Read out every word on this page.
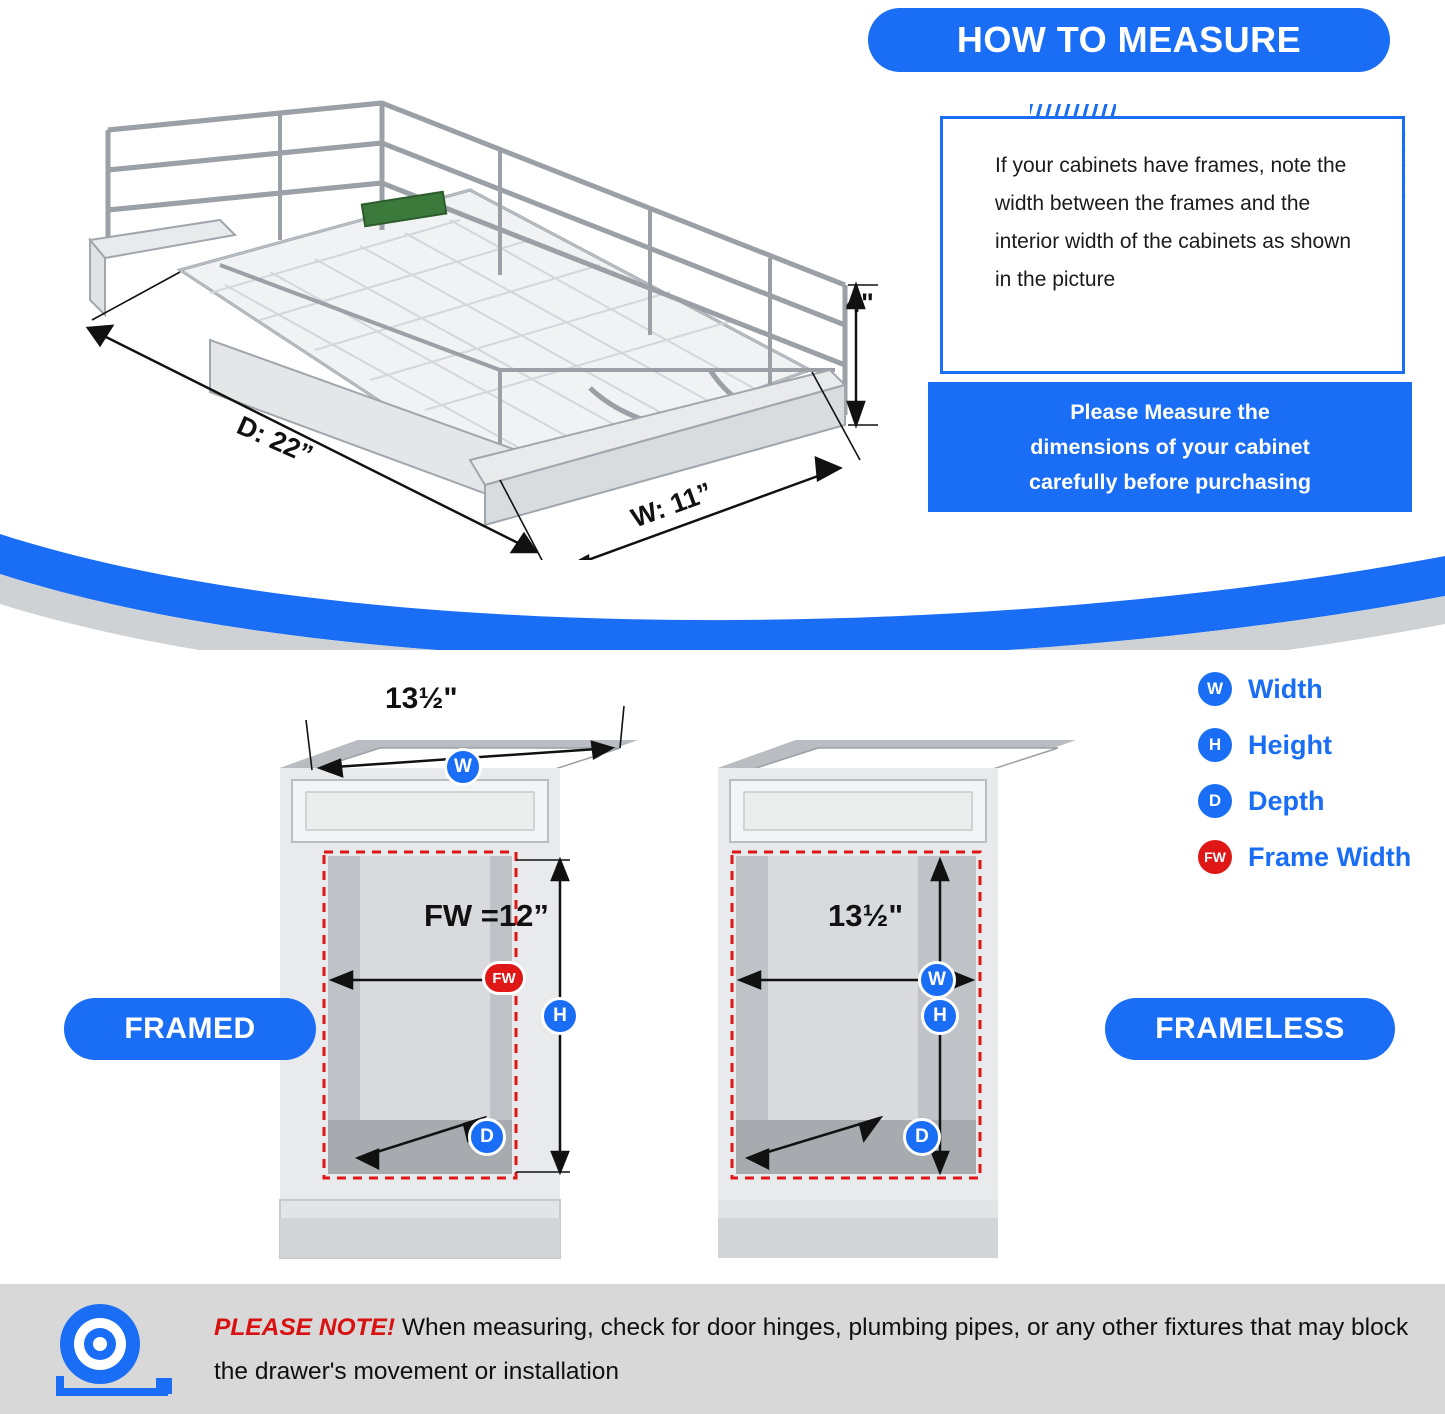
HOW TO MEASURE
D: 22”
W: 11”
4"
If your cabinets have frames, note the width between the frames and the interior width of the cabinets as shown in the picture
Please Measure the
dimensions of your cabinet
carefully before purchasing
13½"
W
FW =12”
FW
H
D
13½"
W
H
D
FRAMED	FRAMELESS
W Width
H Height
D Depth
FW Frame Width
PLEASE NOTE! When measuring, check for door hinges, plumbing pipes, or any other fixtures that may block the drawer's movement or installation
